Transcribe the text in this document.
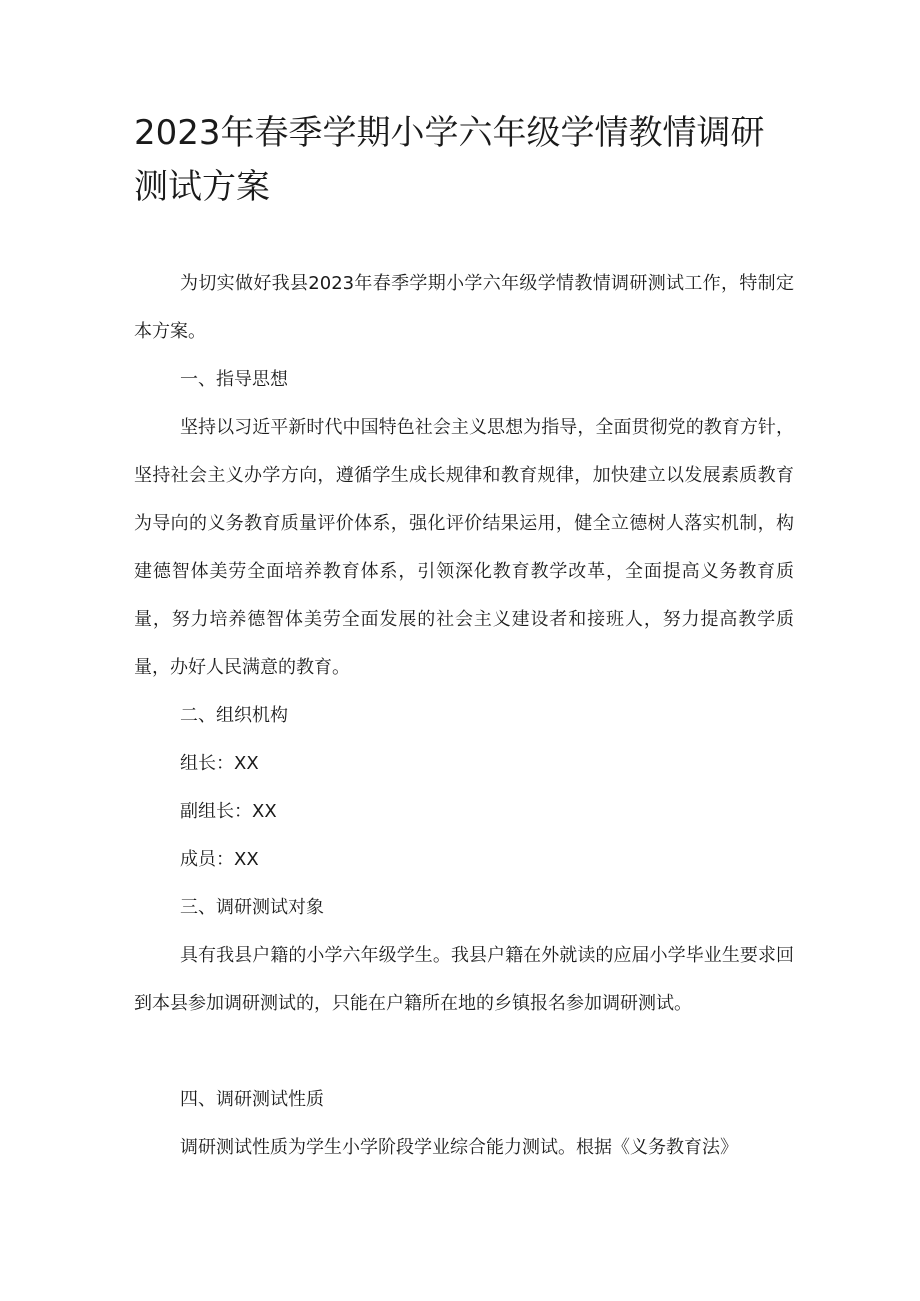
2023年春季学期小学六年级学情教情调研测试方案

为切实做好我县2023年春季学期小学六年级学情教情调研测试工作，特制定本方案。

一、指导思想

坚持以习近平新时代中国特色社会主义思想为指导，全面贯彻党的教育方针，坚持社会主义办学方向，遵循学生成长规律和教育规律，加快建立以发展素质教育为导向的义务教育质量评价体系，强化评价结果运用，健全立德树人落实机制，构建德智体美劳全面培养教育体系，引领深化教育教学改革，全面提高义务教育质量，努力培养德智体美劳全面发展的社会主义建设者和接班人，努力提高教学质量，办好人民满意的教育。

二、组织机构

组长：XX

副组长：XX

成员：XX

三、调研测试对象

具有我县户籍的小学六年级学生。我县户籍在外就读的应届小学毕业生要求回到本县参加调研测试的，只能在户籍所在地的乡镇报名参加调研测试。

四、调研测试性质

调研测试性质为学生小学阶段学业综合能力测试。根据《义务教育法》
